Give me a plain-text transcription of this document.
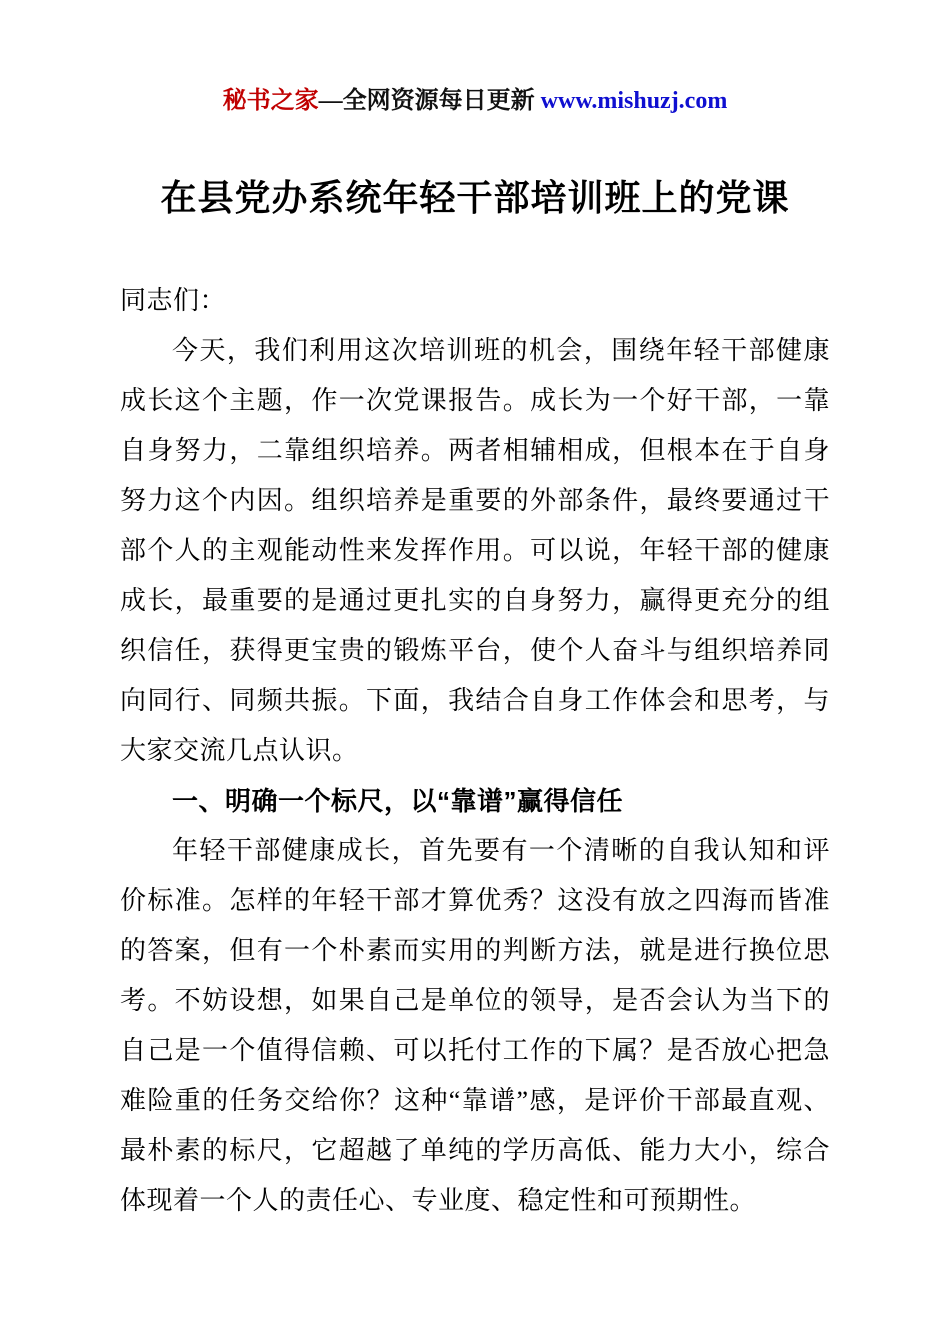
秘书之家—全网资源每日更新 www.mishuzj.com
在县党办系统年轻干部培训班上的党课

同志们：

今天，我们利用这次培训班的机会，围绕年轻干部健康成长这个主题，作一次党课报告。成长为一个好干部，一靠自身努力，二靠组织培养。两者相辅相成，但根本在于自身努力这个内因。组织培养是重要的外部条件，最终要通过干部个人的主观能动性来发挥作用。可以说，年轻干部的健康成长，最重要的是通过更扎实的自身努力，赢得更充分的组织信任，获得更宝贵的锻炼平台，使个人奋斗与组织培养同向同行、同频共振。下面，我结合自身工作体会和思考，与大家交流几点认识。

一、明确一个标尺，以“靠谱”赢得信任

年轻干部健康成长，首先要有一个清晰的自我认知和评价标准。怎样的年轻干部才算优秀？这没有放之四海而皆准的答案，但有一个朴素而实用的判断方法，就是进行换位思考。不妨设想，如果自己是单位的领导，是否会认为当下的自己是一个值得信赖、可以托付工作的下属？是否放心把急难险重的任务交给你？这种“靠谱”感，是评价干部最直观、最朴素的标尺，它超越了单纯的学历高低、能力大小，综合体现着一个人的责任心、专业度、稳定性和可预期性。
